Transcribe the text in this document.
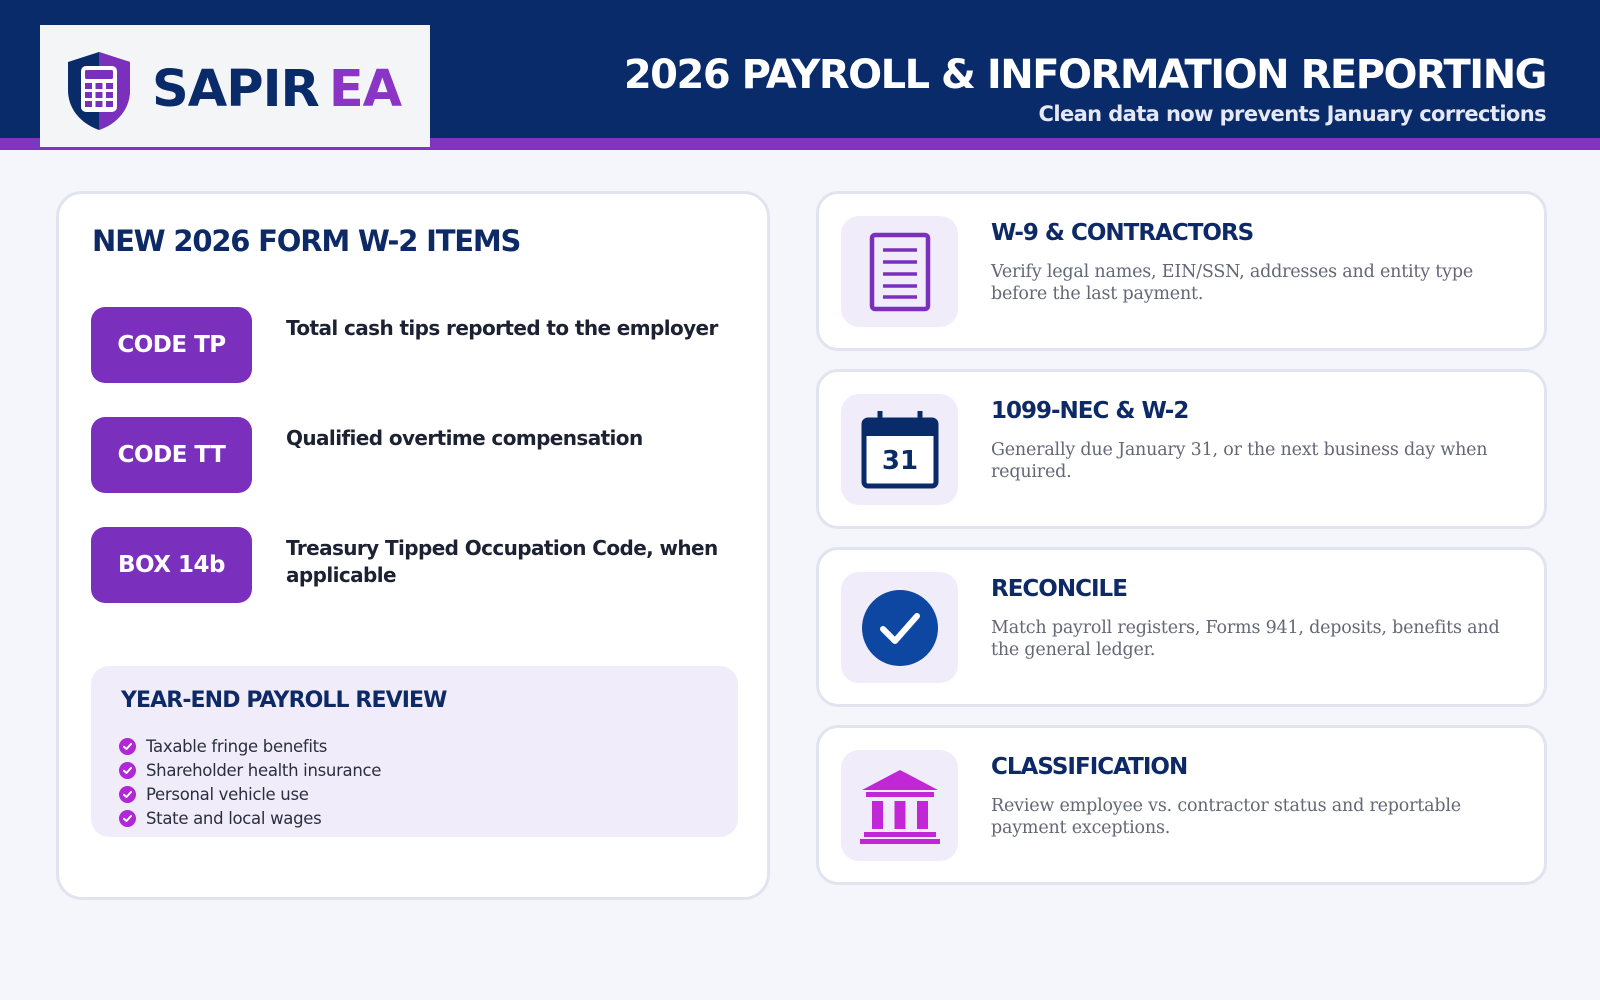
SAPIR EA	2026 PAYROLL & INFORMATION REPORTING
Clean data now prevents January corrections
NEW 2026 FORM W-2 ITEMS
CODE TP
Total cash tips reported to the employer
CODE TT
Qualified overtime compensation
BOX 14b
Treasury Tipped Occupation Code, when applicable
YEAR-END PAYROLL REVIEW
Taxable fringe benefits
Shareholder health insurance
Personal vehicle use
State and local wages
W-9 & CONTRACTORS
Verify legal names, EIN/SSN, addresses and entity type before the last payment.
31
1099-NEC & W-2
Generally due January 31, or the next business day when required.
RECONCILE
Match payroll registers, Forms 941, deposits, benefits and the general ledger.
CLASSIFICATION
Review employee vs. contractor status and reportable payment exceptions.
